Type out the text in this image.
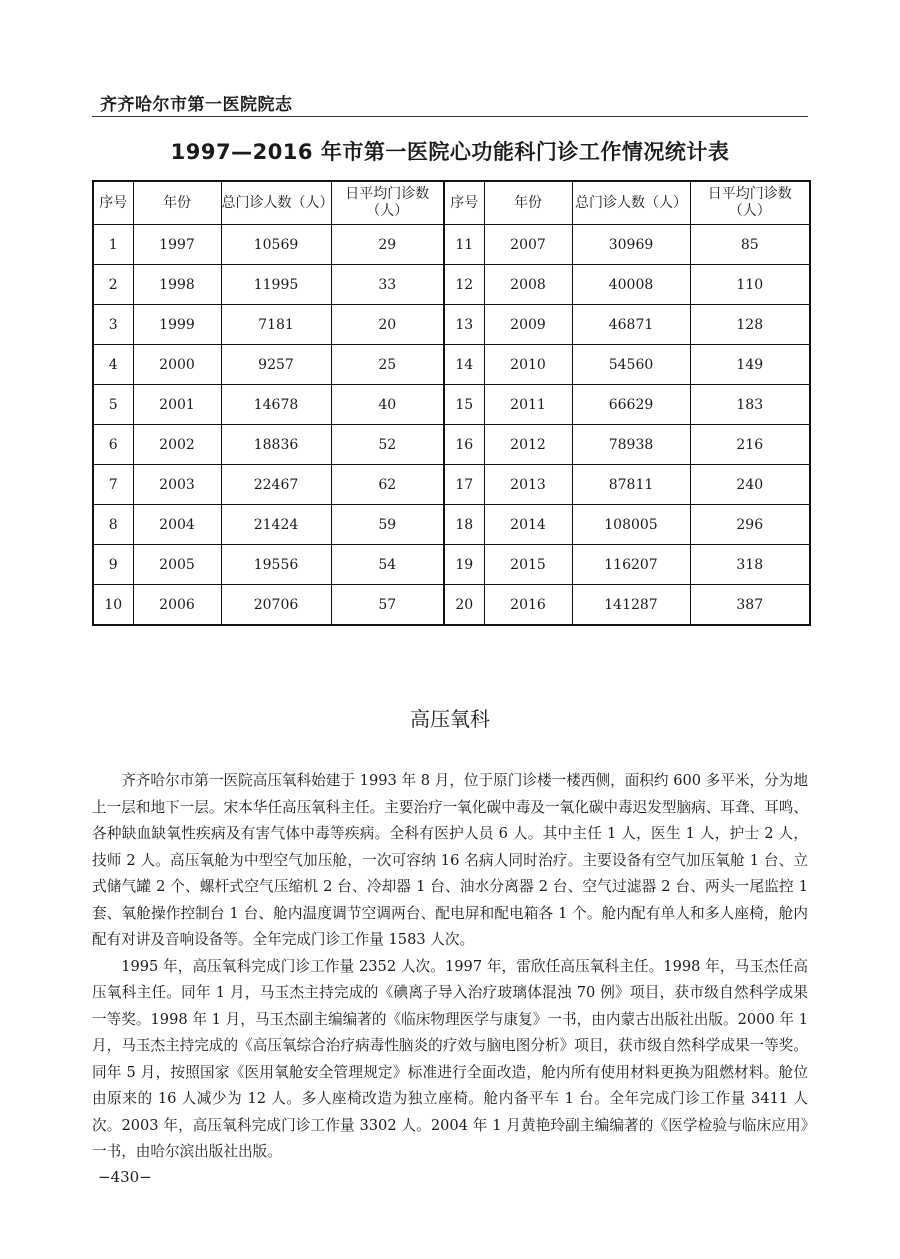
齐齐哈尔市第一医院院志
1997—2016 年市第一医院心功能科门诊工作情况统计表
序号	年份	总门诊人数（人）	日平均门诊数（人）	序号	年份	总门诊人数（人）	日平均门诊数（人）
1	1997	10569	29	11	2007	30969	85
2	1998	11995	33	12	2008	40008	110
3	1999	7181	20	13	2009	46871	128
4	2000	9257	25	14	2010	54560	149
5	2001	14678	40	15	2011	66629	183
6	2002	18836	52	16	2012	78938	216
7	2003	22467	62	17	2013	87811	240
8	2004	21424	59	18	2014	108005	296
9	2005	19556	54	19	2015	116207	318
10	2006	20706	57	20	2016	141287	387
高压氧科

齐齐哈尔市第一医院高压氧科始建于 1993 年 8 月，位于原门诊楼一楼西侧，面积约 600 多平米，分为地上一层和地下一层。宋本华任高压氧科主任。主要治疗一氧化碳中毒及一氧化碳中毒迟发型脑病、耳聋、耳鸣、各种缺血缺氧性疾病及有害气体中毒等疾病。全科有医护人员 6 人。其中主任 1 人，医生 1 人，护士 2 人，技师 2 人。高压氧舱为中型空气加压舱，一次可容纳 16 名病人同时治疗。主要设备有空气加压氧舱 1 台、立式储气罐 2 个、螺杆式空气压缩机 2 台、冷却器 1 台、油水分离器 2 台、空气过滤器 2 台、两头一尾监控 1 套、氧舱操作控制台 1 台、舱内温度调节空调两台、配电屏和配电箱各 1 个。舱内配有单人和多人座椅，舱内配有对讲及音响设备等。全年完成门诊工作量 1583 人次。

1995 年，高压氧科完成门诊工作量 2352 人次。1997 年，雷欣任高压氧科主任。1998 年，马玉杰任高压氧科主任。同年 1 月，马玉杰主持完成的《碘离子导入治疗玻璃体混浊 70 例》项目，获市级自然科学成果一等奖。1998 年 1 月，马玉杰副主编编著的《临床物理医学与康复》一书，由内蒙古出版社出版。2000 年 1 月，马玉杰主持完成的《高压氧综合治疗病毒性脑炎的疗效与脑电图分析》项目，获市级自然科学成果一等奖。同年 5 月，按照国家《医用氧舱安全管理规定》标准进行全面改造，舱内所有使用材料更换为阻燃材料。舱位由原来的 16 人减少为 12 人。多人座椅改造为独立座椅。舱内备平车 1 台。全年完成门诊工作量 3411 人次。2003 年，高压氧科完成门诊工作量 3302 人。2004 年 1 月黄艳玲副主编编著的《医学检验与临床应用》一书，由哈尔滨出版社出版。

−430−
